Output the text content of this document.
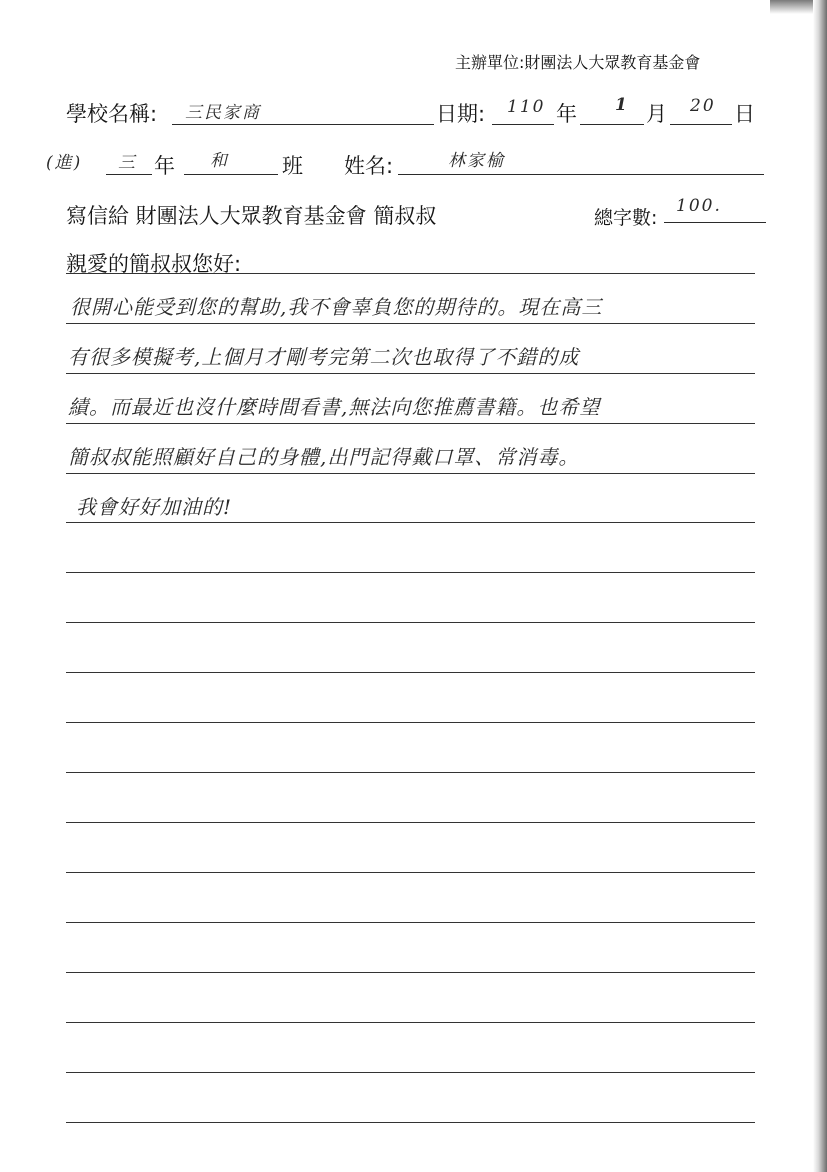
主辦單位:財團法人大眾教育基金會
學校名稱: 三民家商	日期: 110 年 1 月 20 日
(進) 三 年 和	班 姓名:	林家榆
寫信給 財團法人大眾教育基金會 簡叔叔	總字數:
100.
親愛的簡叔叔您好:
很開心能受到您的幫助,我不會辜負您的期待的。現在高三
有很多模擬考,上個月才剛考完第二次也取得了不錯的成
績。而最近也沒什麼時間看書,無法向您推薦書籍。也希望
簡叔叔能照顧好自己的身體,出門記得戴口罩、常消毒。
我會好好加油的!
